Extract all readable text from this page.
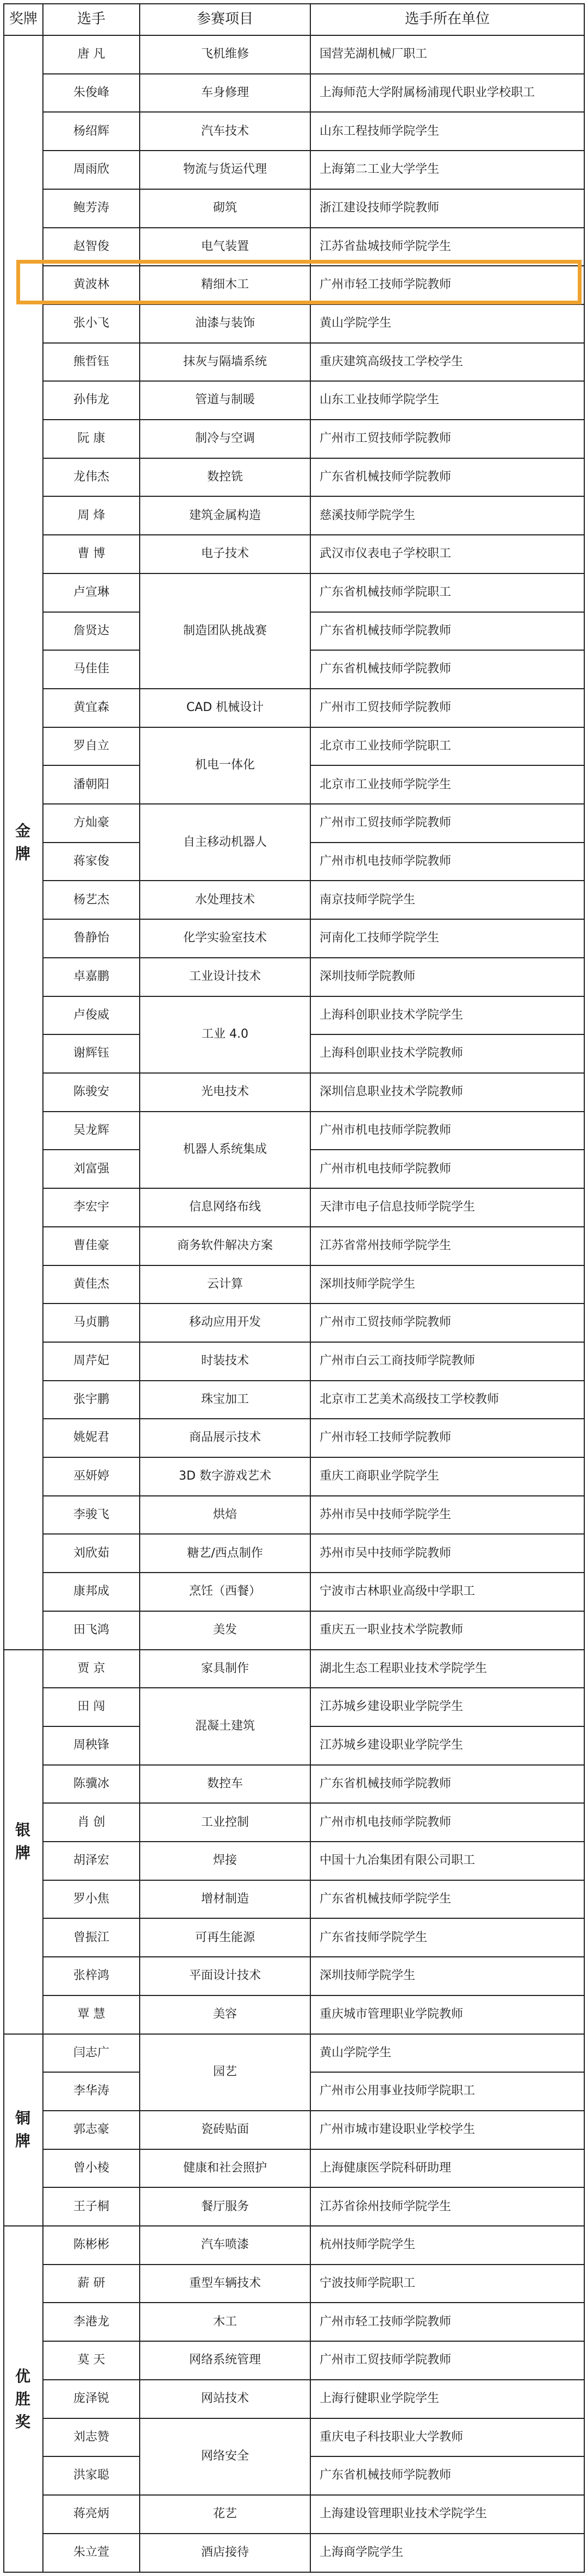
奖牌	选手	参赛项目	选手所在单位
金牌	唐 凡	飞机维修	国营芜湖机械厂职工
	朱俊峰	车身修理	上海师范大学附属杨浦现代职业学校职工
	杨绍辉	汽车技术	山东工程技师学院学生
	周雨欣	物流与货运代理	上海第二工业大学学生
	鲍芳涛	砌筑	浙江建设技师学院教师
	赵智俊	电气装置	江苏省盐城技师学院学生
	黄波林	精细木工	广州市轻工技师学院教师
	张小飞	油漆与装饰	黄山学院学生
	熊哲钰	抹灰与隔墙系统	重庆建筑高级技工学校学生
	孙伟龙	管道与制暖	山东工业技师学院学生
	阮 康	制冷与空调	广州市工贸技师学院教师
	龙伟杰	数控铣	广东省机械技师学院教师
	周 烽	建筑金属构造	慈溪技师学院学生
	曹 博	电子技术	武汉市仪表电子学校职工
	卢宣琳	制造团队挑战赛	广东省机械技师学院职工
	詹贤达		广东省机械技师学院教师
	马佳佳		广东省机械技师学院教师
	黄宜森	CAD 机械设计	广州市工贸技师学院教师
	罗自立	机电一体化	北京市工业技师学院职工
	潘朝阳		北京市工业技师学院学生
	方灿豪	自主移动机器人	广州市工贸技师学院教师
	蒋家俊		广州市机电技师学院教师
	杨艺杰	水处理技术	南京技师学院学生
	鲁静怡	化学实验室技术	河南化工技师学院学生
	卓嘉鹏	工业设计技术	深圳技师学院教师
	卢俊威	工业 4.0	上海科创职业技术学院学生
	谢辉钰		上海科创职业技术学院教师
	陈骏安	光电技术	深圳信息职业技术学院教师
	吴龙辉	机器人系统集成	广州市机电技师学院教师
	刘富强		广州市机电技师学院教师
	李宏宇	信息网络布线	天津市电子信息技师学院学生
	曹佳豪	商务软件解决方案	江苏省常州技师学院学生
	黄佳杰	云计算	深圳技师学院学生
	马贞鹏	移动应用开发	广州市工贸技师学院教师
	周芹妃	时装技术	广州市白云工商技师学院教师
	张宇鹏	珠宝加工	北京市工艺美术高级技工学校教师
	姚妮君	商品展示技术	广州市轻工技师学院教师
	巫妍婷	3D 数字游戏艺术	重庆工商职业学院学生
	李骏飞	烘焙	苏州市吴中技师学院学生
	刘欣茹	糖艺/西点制作	苏州市吴中技师学院教师
	康邦成	烹饪（西餐）	宁波市古林职业高级中学职工
	田飞鸿	美发	重庆五一职业技术学院教师
银牌	贾 京	家具制作	湖北生态工程职业技术学院学生
	田 闯	混凝土建筑	江苏城乡建设职业学院学生
	周秧锋		江苏城乡建设职业学院学生
	陈骥冰	数控车	广东省机械技师学院教师
	肖 创	工业控制	广州市机电技师学院教师
	胡泽宏	焊接	中国十九冶集团有限公司职工
	罗小焦	增材制造	广东省机械技师学院学生
	曾振江	可再生能源	广东省技师学院学生
	张梓鸿	平面设计技术	深圳技师学院学生
	覃 慧	美容	重庆城市管理职业学院教师
铜牌	闫志广	园艺	黄山学院学生
	李华涛		广州市公用事业技师学院职工
	郭志豪	瓷砖贴面	广州市城市建设职业学校学生
	曾小棱	健康和社会照护	上海健康医学院科研助理
	王子桐	餐厅服务	江苏省徐州技师学院学生
优胜奖	陈彬彬	汽车喷漆	杭州技师学院学生
	薪 研	重型车辆技术	宁波技师学院职工
	李港龙	木工	广州市轻工技师学院教师
	莫 天	网络系统管理	广州市工贸技师学院教师
	庞泽锐	网站技术	上海行健职业学院学生
	刘志赞	网络安全	重庆电子科技职业大学教师
	洪家聪		广东省机械技师学院教师
	蒋亮炳	花艺	上海建设管理职业技术学院学生
	朱立萱	酒店接待	上海商学院学生
